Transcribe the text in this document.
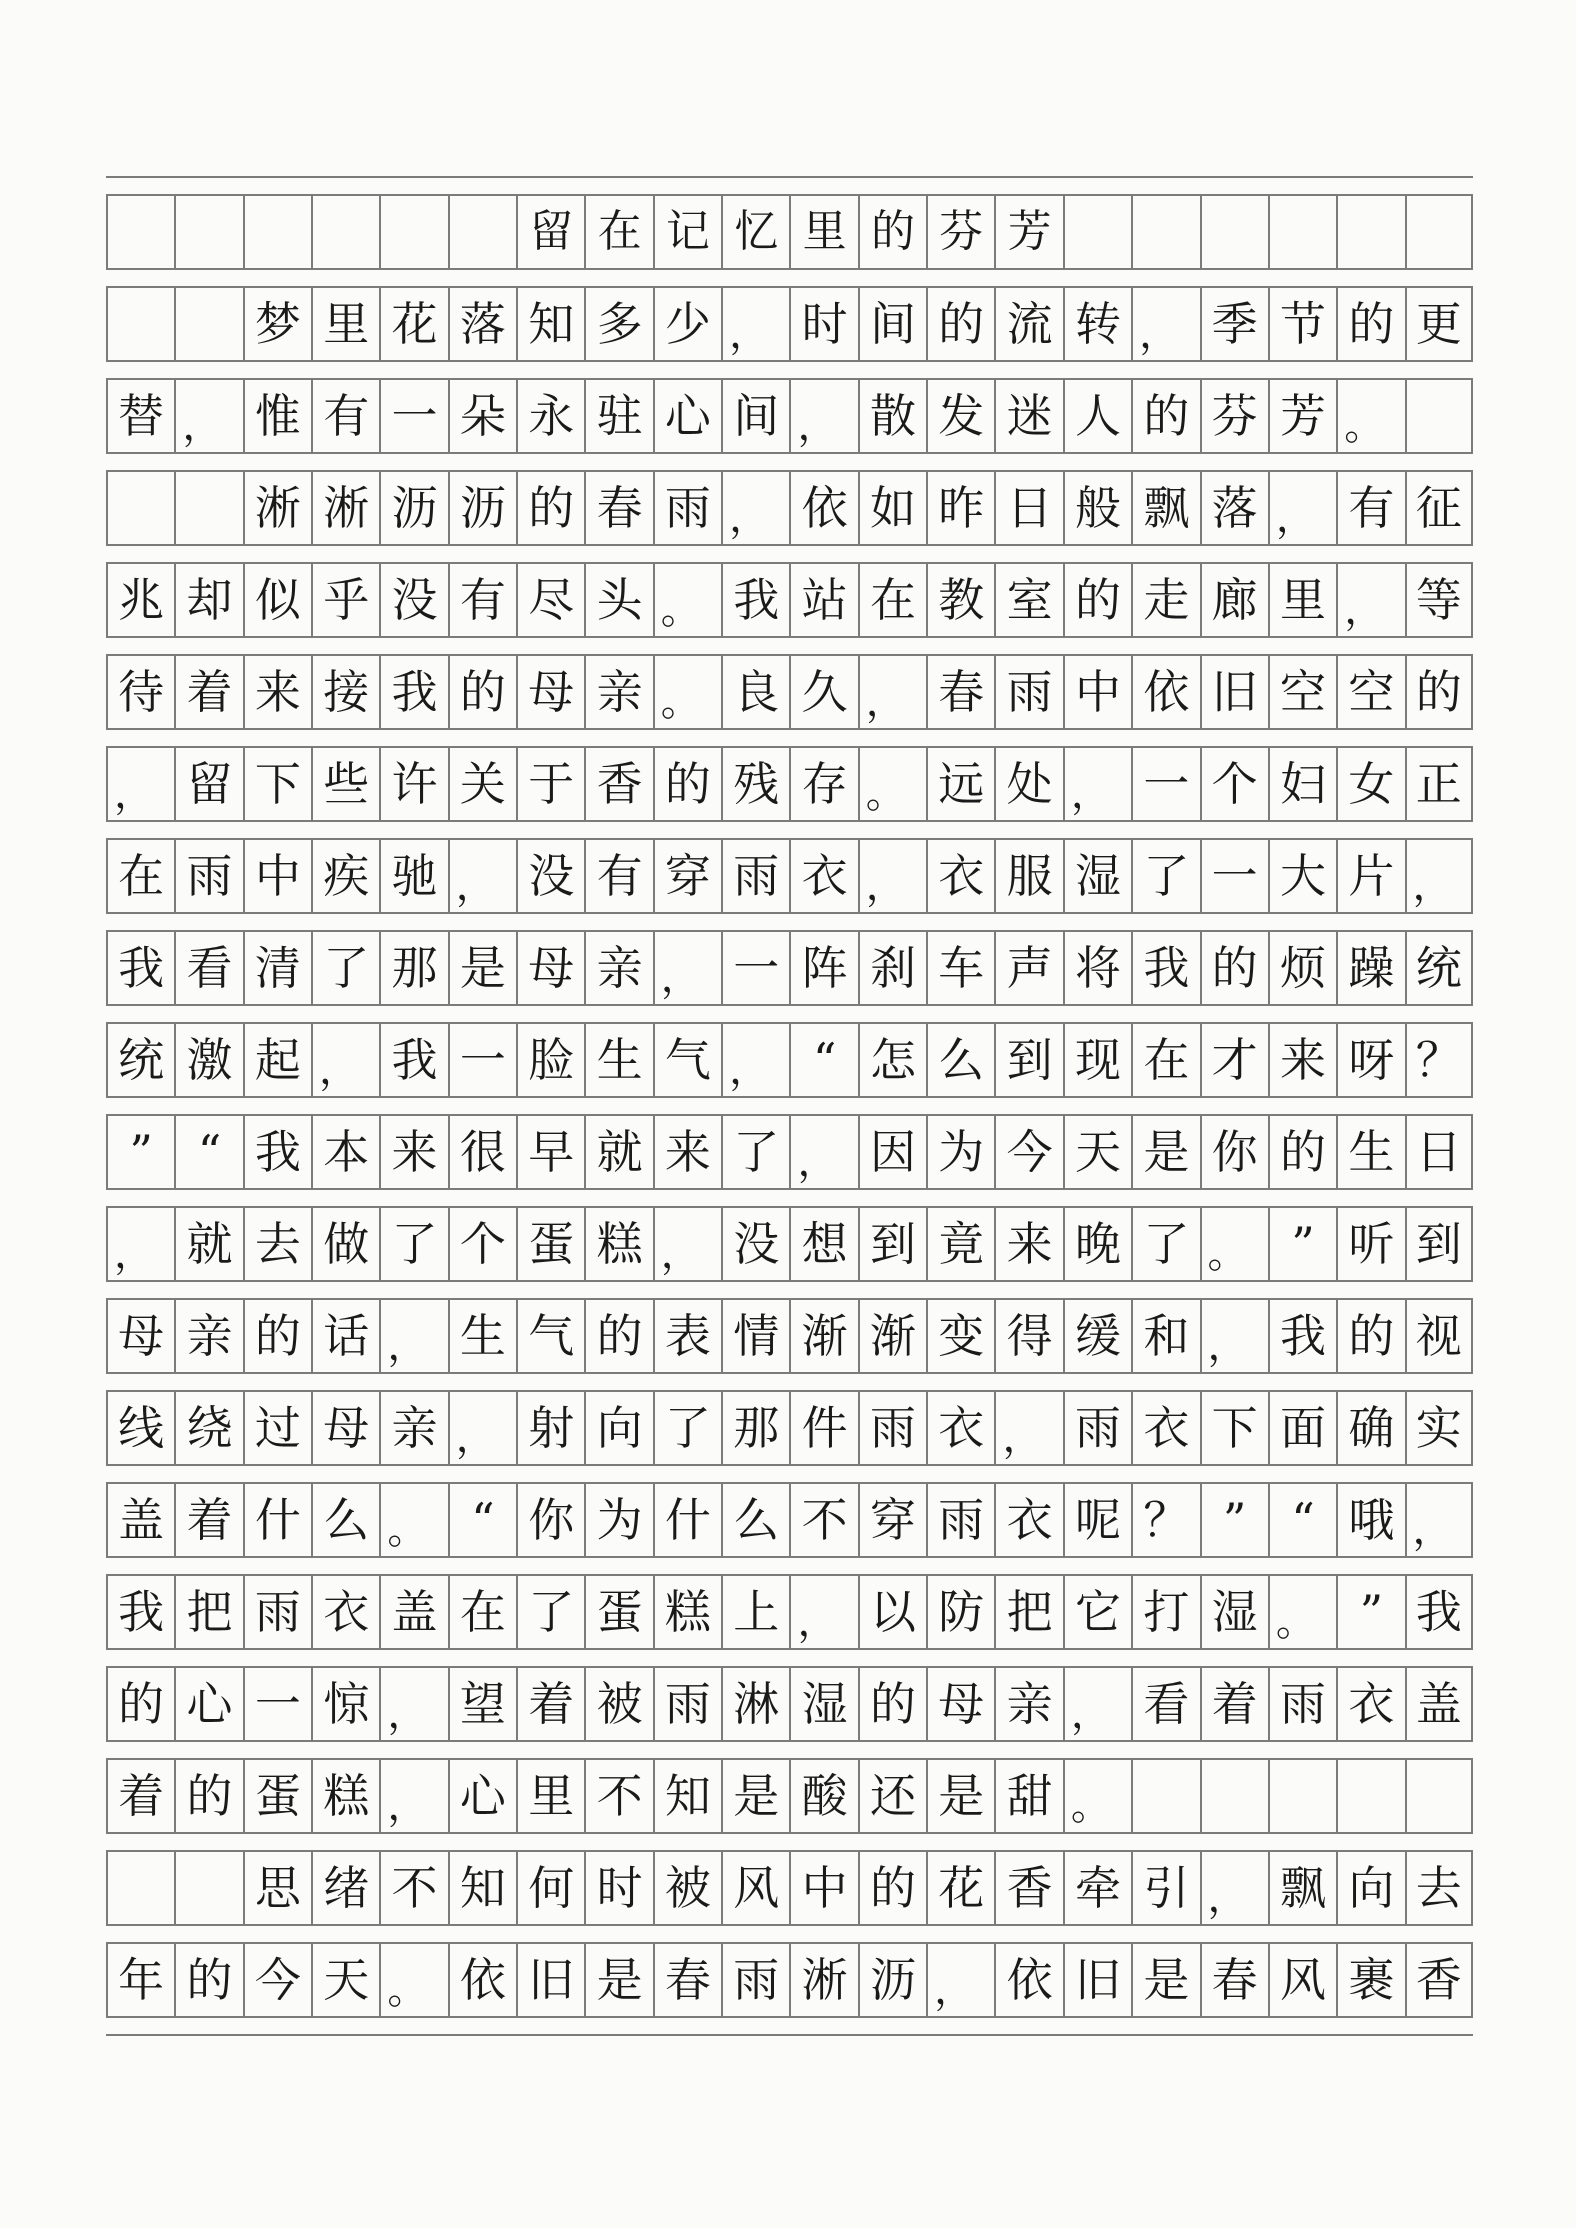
留 在 记 忆 里 的 芬 芳
梦 里 花 落 知 多 少 ， 时 间 的 流 转 ， 季 节 的 更
替 ， 惟 有 一 朵 永 驻 心 间 ， 散 发 迷 人 的 芬 芳 。
淅 淅 沥 沥 的 春 雨 ， 依 如 昨 日 般 飘 落 ， 有 征
兆 却 似 乎 没 有 尽 头 。 我 站 在 教 室 的 走 廊 里 ， 等
待 着 来 接 我 的 母 亲 。 良 久 ， 春 雨 中 依 旧 空 空 的
， 留 下 些 许 关 于 香 的 残 存 。 远 处 ， 一 个 妇 女 正
在 雨 中 疾 驰 ， 没 有 穿 雨 衣 ， 衣 服 湿 了 一 大 片 ，
我 看 清 了 那 是 母 亲 ， 一 阵 刹 车 声 将 我 的 烦 躁 统
统 激 起 ， 我 一 脸 生 气 ， “ 怎 么 到 现 在 才 来 呀 ？
” “ 我 本 来 很 早 就 来 了 ， 因 为 今 天 是 你 的 生 日
， 就 去 做 了 个 蛋 糕 ， 没 想 到 竟 来 晚 了 。 ” 听 到
母 亲 的 话 ， 生 气 的 表 情 渐 渐 变 得 缓 和 ， 我 的 视
线 绕 过 母 亲 ， 射 向 了 那 件 雨 衣 ， 雨 衣 下 面 确 实
盖 着 什 么 。 “ 你 为 什 么 不 穿 雨 衣 呢 ？ ” “ 哦 ，
我 把 雨 衣 盖 在 了 蛋 糕 上 ， 以 防 把 它 打 湿 。 ” 我
的 心 一 惊 ， 望 着 被 雨 淋 湿 的 母 亲 ， 看 着 雨 衣 盖
着 的 蛋 糕 ， 心 里 不 知 是 酸 还 是 甜 。
思 绪 不 知 何 时 被 风 中 的 花 香 牵 引 ， 飘 向 去
年 的 今 天 。 依 旧 是 春 雨 淅 沥 ， 依 旧 是 春 风 裹 香
